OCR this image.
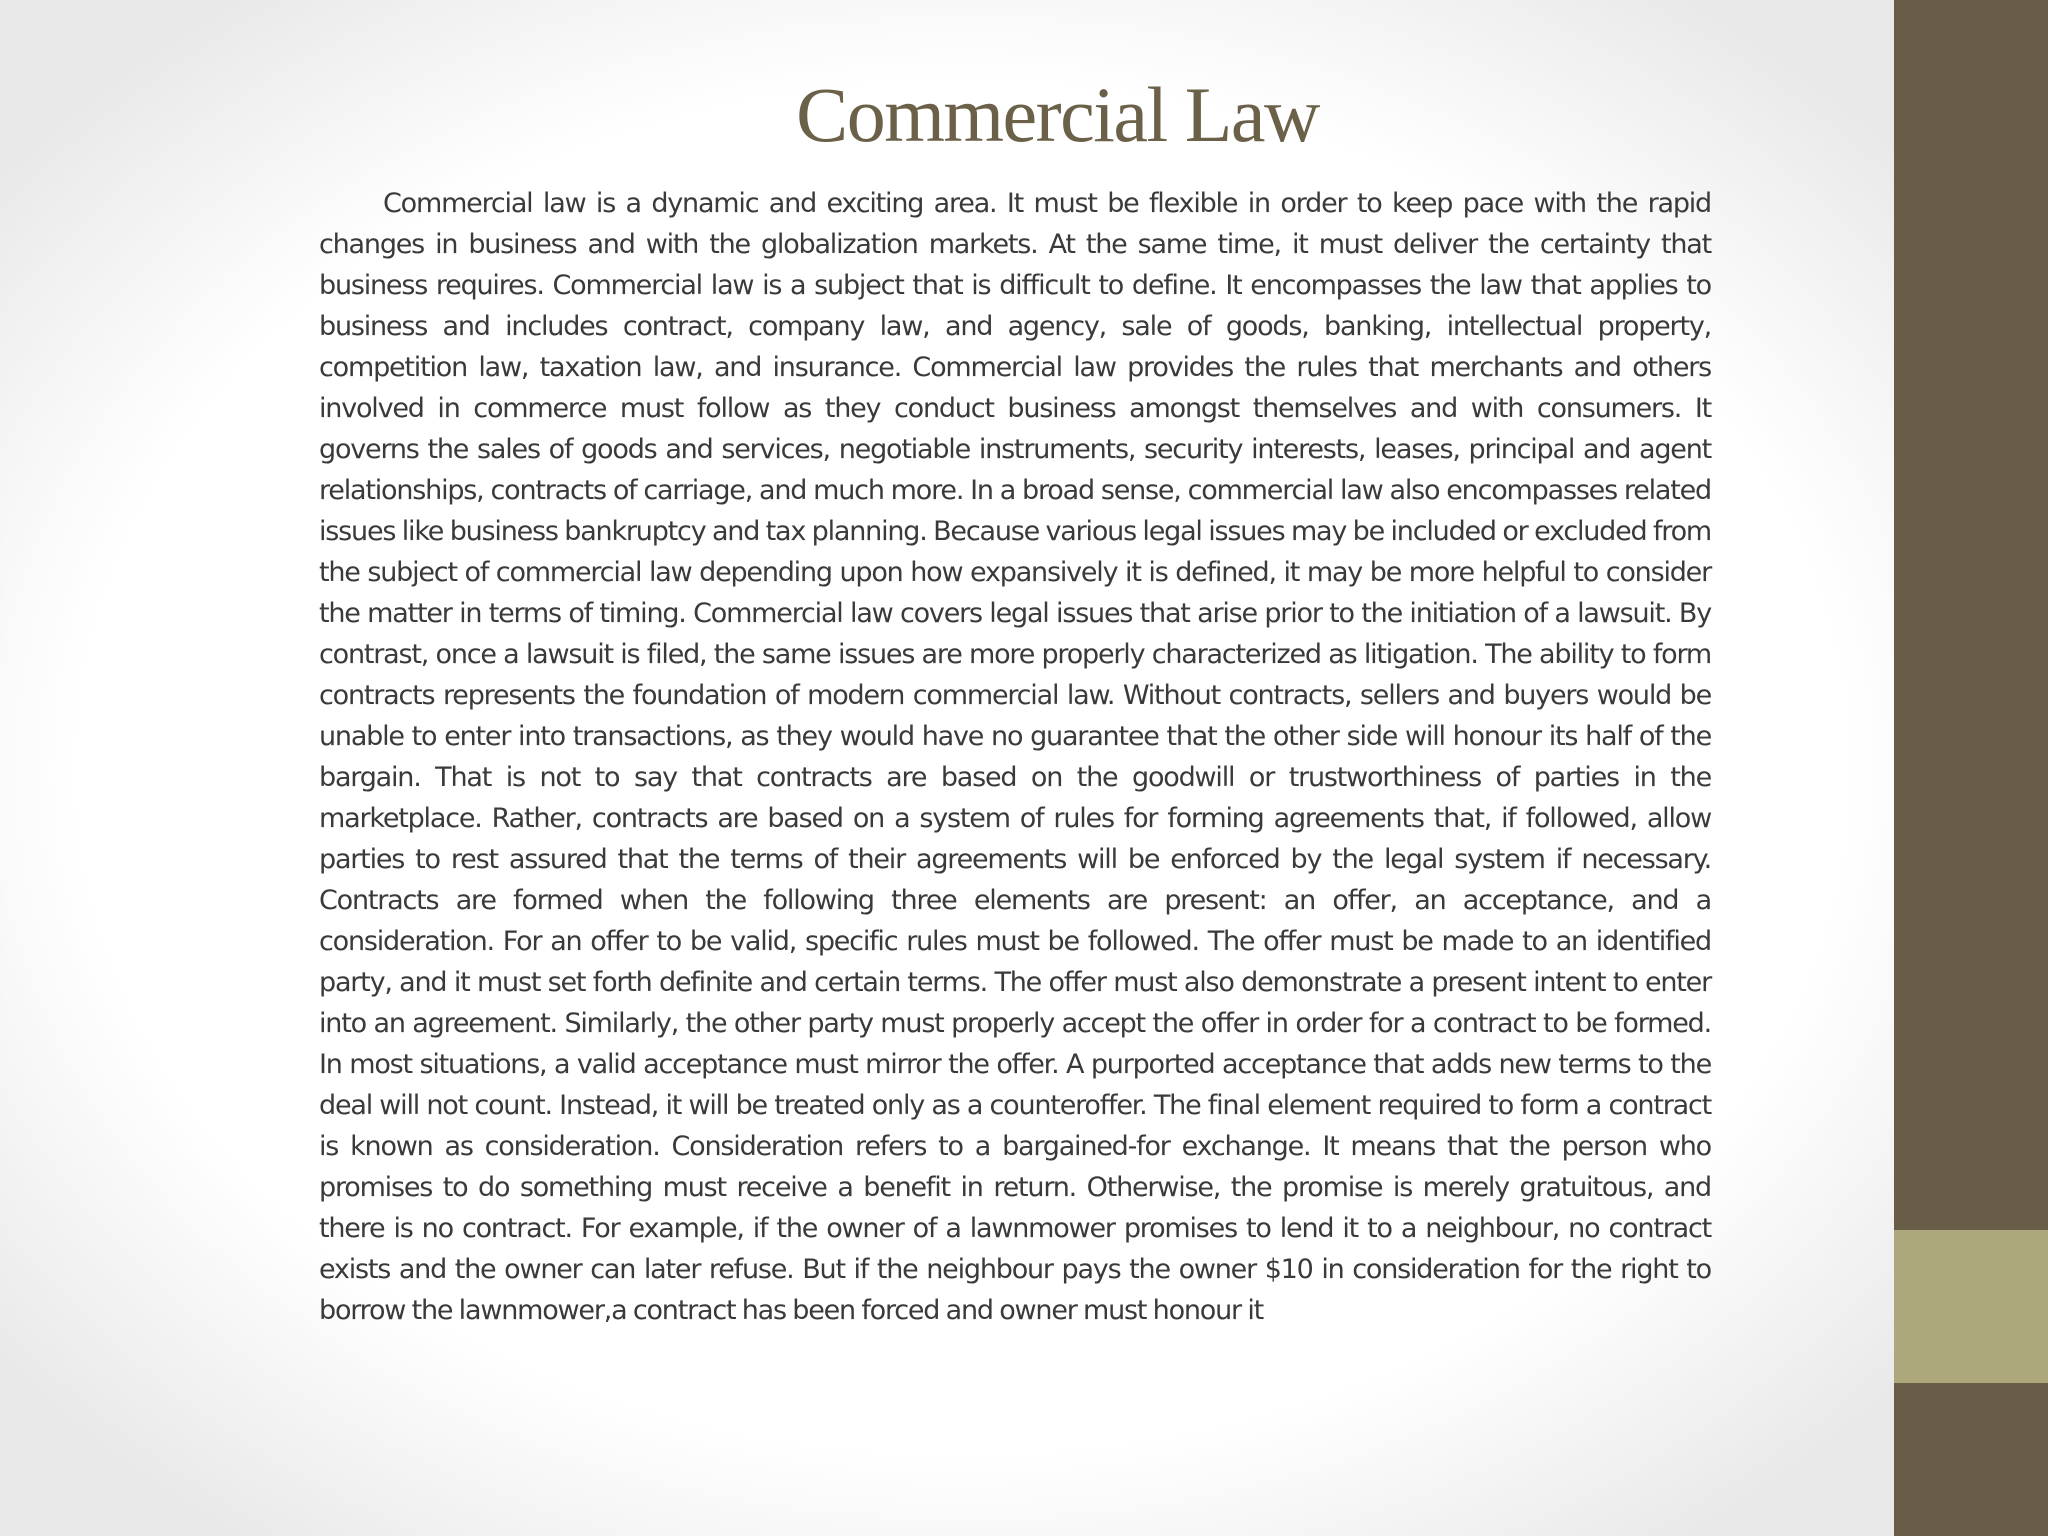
Commercial Law

Commercial law is a dynamic and exciting area. It must be flexible in order to keep pace with the rapid changes in business and with the globalization markets. At the same time, it must deliver the certainty that business requires. Commercial law is a subject that is difficult to define. It encompasses the law that applies to business and includes contract, company law, and agency, sale of goods, banking, intellectual property, competition law, taxation law, and insurance. Commercial law provides the rules that merchants and others involved in commerce must follow as they conduct business amongst themselves and with consumers. It governs the sales of goods and services, negotiable instruments, security interests, leases, principal and agent relationships, contracts of carriage, and much more. In a broad sense, commercial law also encompasses related issues like business bankruptcy and tax planning. Because various legal issues may be included or excluded from the subject of commercial law depending upon how expansively it is defined, it may be more helpful to consider the matter in terms of timing. Commercial law covers legal issues that arise prior to the initiation of a lawsuit. By contrast, once a lawsuit is filed, the same issues are more properly characterized as litigation. The ability to form contracts represents the foundation of modern commercial law. Without contracts, sellers and buyers would be unable to enter into transactions, as they would have no guarantee that the other side will honour its half of the bargain. That is not to say that contracts are based on the goodwill or trustworthiness of parties in the marketplace. Rather, contracts are based on a system of rules for forming agreements that, if followed, allow parties to rest assured that the terms of their agreements will be enforced by the legal system if necessary. Contracts are formed when the following three elements are present: an offer, an acceptance, and a consideration. For an offer to be valid, specific rules must be followed. The offer must be made to an identified party, and it must set forth definite and certain terms. The offer must also demonstrate a present intent to enter into an agreement. Similarly, the other party must properly accept the offer in order for a contract to be formed. In most situations, a valid acceptance must mirror the offer. A purported acceptance that adds new terms to the deal will not count. Instead, it will be treated only as a counteroffer. The final element required to form a contract is known as consideration. Consideration refers to a bargained-for exchange. It means that the person who promises to do something must receive a benefit in return. Otherwise, the promise is merely gratuitous, and there is no contract. For example, if the owner of a lawnmower promises to lend it to a neighbour, no contract exists and the owner can later refuse. But if the neighbour pays the owner $10 in consideration for the right to borrow the lawnmower,a contract has been forced and owner must honour it
